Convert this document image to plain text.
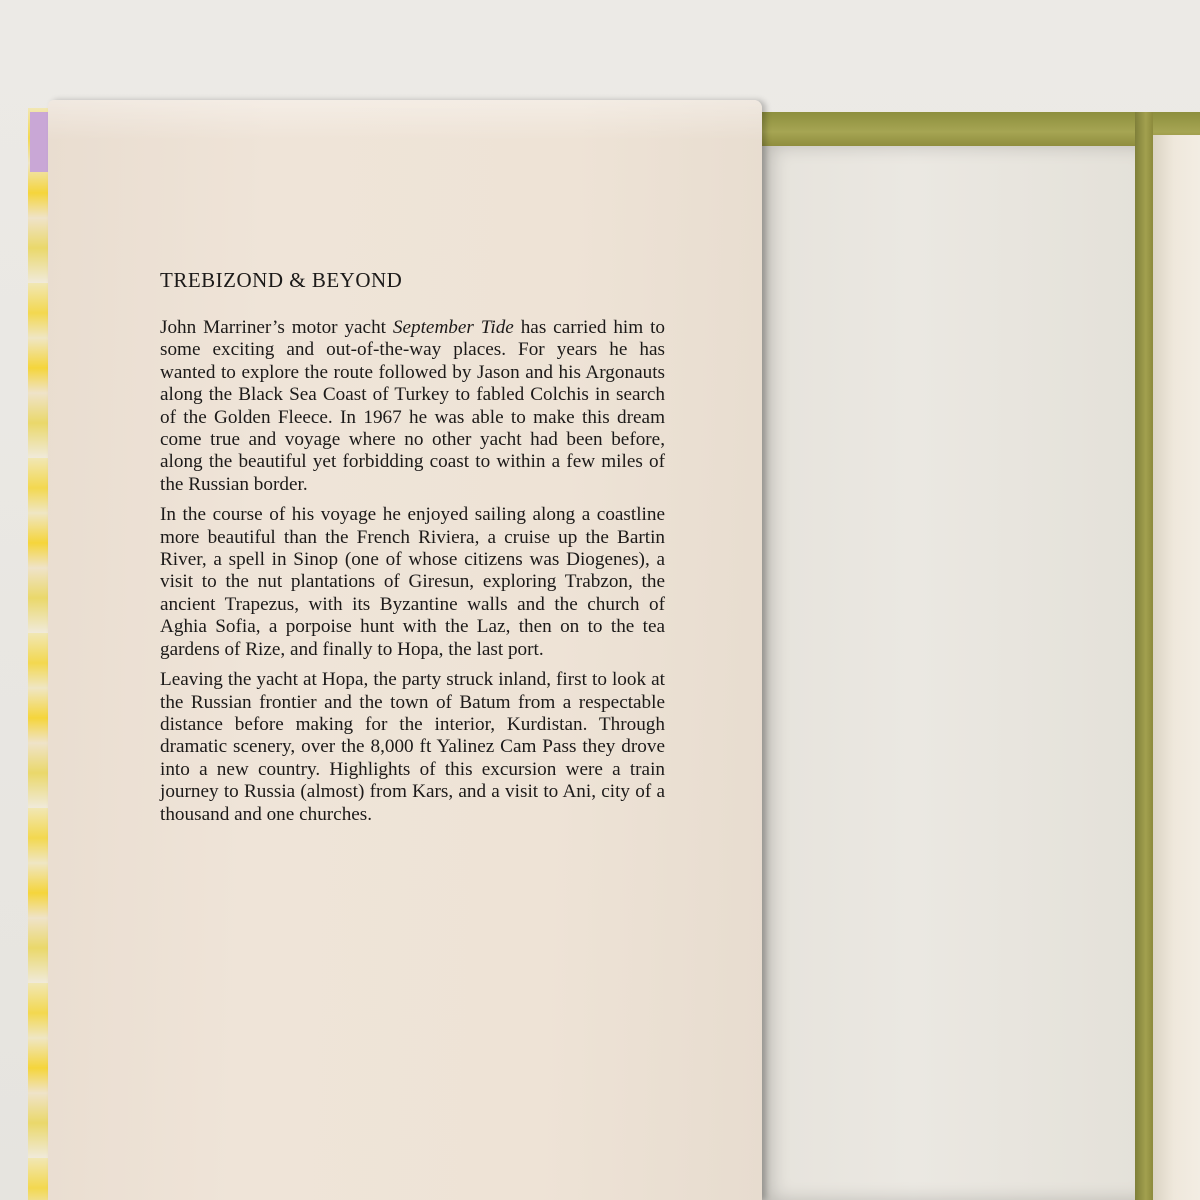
TREBIZOND & BEYOND

John Marriner’s motor yacht September Tide has carried him to some exciting and out-of-the-way places. For years he has wanted to explore the route followed by Jason and his Argonauts along the Black Sea Coast of Turkey to fabled Colchis in search of the Golden Fleece. In 1967 he was able to make this dream come true and voyage where no other yacht had been before, along the beautiful yet forbidding coast to within a few miles of the Russian border.

In the course of his voyage he enjoyed sailing along a coastline more beautiful than the French Riviera, a cruise up the Bartin River, a spell in Sinop (one of whose citizens was Diogenes), a visit to the nut plantations of Giresun, exploring Trabzon, the ancient Trapezus, with its Byzantine walls and the church of Aghia Sofia, a porpoise hunt with the Laz, then on to the tea gardens of Rize, and finally to Hopa, the last port.

Leaving the yacht at Hopa, the party struck inland, first to look at the Russian frontier and the town of Batum from a respectable distance before making for the interior, Kurdistan. Through dramatic scenery, over the 8,000 ft Yalinez Cam Pass they drove into a new country. Highlights of this excursion were a train journey to Russia (almost) from Kars, and a visit to Ani, city of a thousand and one churches.
